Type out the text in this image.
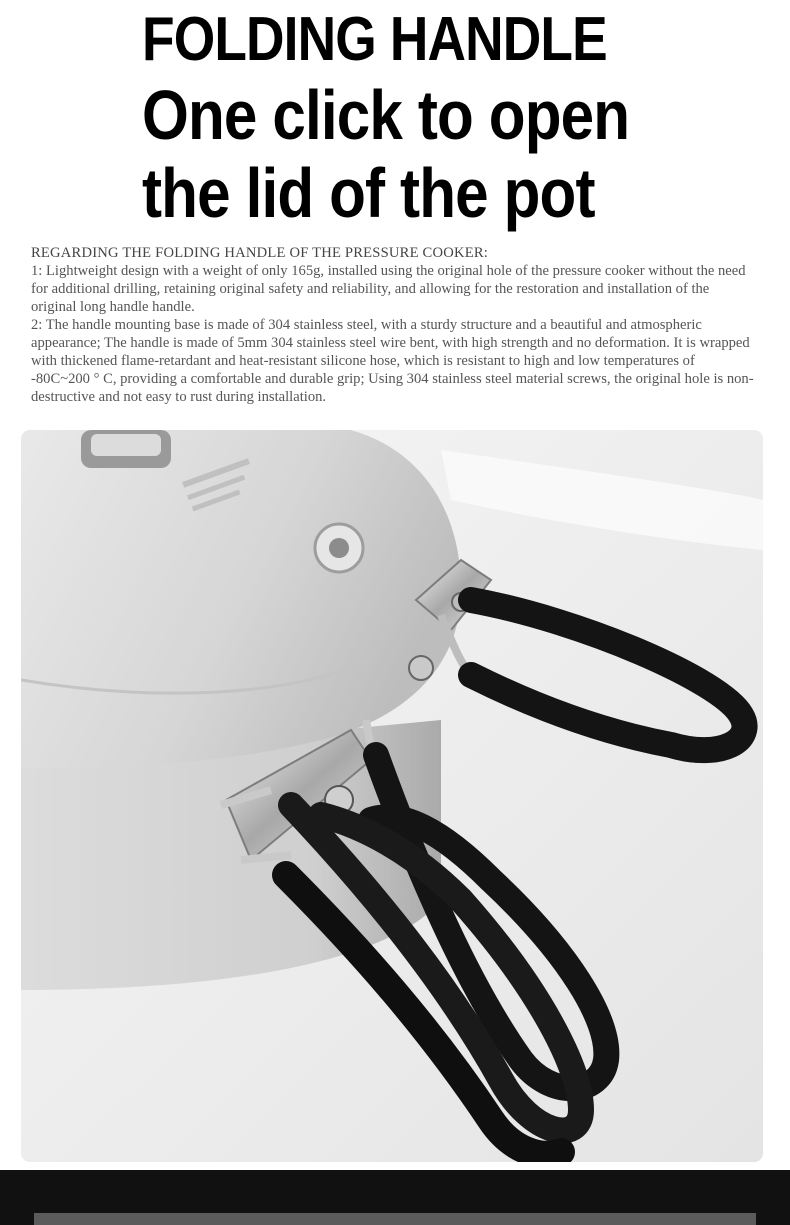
FOLDING HANDLE
One click to open
the lid of the pot

REGARDING THE FOLDING HANDLE OF THE PRESSURE COOKER:

1: Lightweight design with a weight of only 165g, installed using the original hole of the pressure cooker without the need for additional drilling, retaining original safety and reliability, and allowing for the restoration and installation of the original long handle handle.

2: The handle mounting base is made of 304 stainless steel, with a sturdy structure and a beautiful and atmospheric appearance; The handle is made of 5mm 304 stainless steel wire bent, with high strength and no deformation. It is wrapped with thickened flame-retardant and heat-resistant silicone hose, which is resistant to high and low temperatures of -80C~200 ° C, providing a comfortable and durable grip; Using 304 stainless steel material screws, the original hole is non-destructive and not easy to rust during installation.
